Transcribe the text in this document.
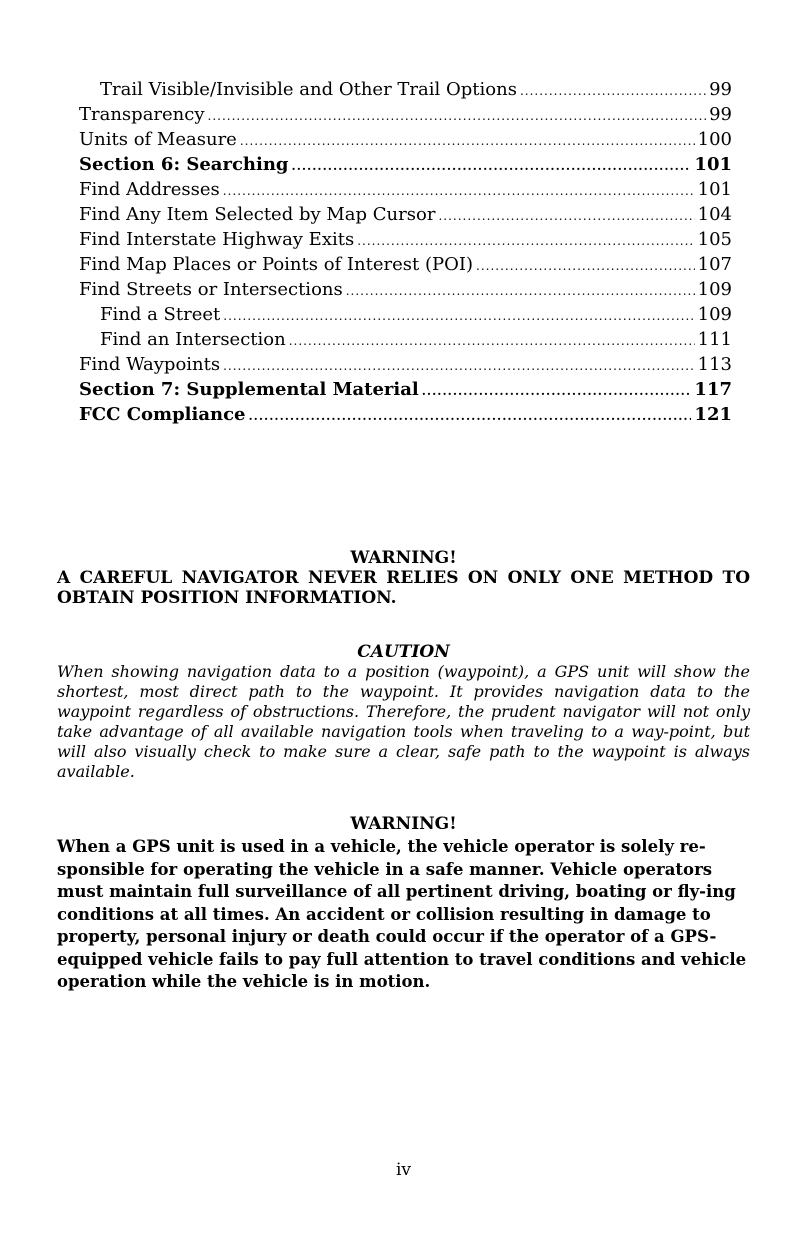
Trail Visible/Invisible and Other Trail Options .....	99
Transparency .....	99
Units of Measure .....	100
Section 6: Searching .....	101
Find Addresses .....	101
Find Any Item Selected by Map Cursor .....	104
Find Interstate Highway Exits .....	105
Find Map Places or Points of Interest (POI) .....	107
Find Streets or Intersections .....	109
Find a Street .....	109
Find an Intersection .....	111
Find Waypoints .....	113
Section 7: Supplemental Material .....	117
FCC Compliance .....	121
WARNING!
A CAREFUL NAVIGATOR NEVER RELIES ON ONLY ONE METHOD TO OBTAIN POSITION INFORMATION.
CAUTION
When showing navigation data to a position (waypoint), a GPS unit will show the shortest, most direct path to the waypoint. It provides navigation data to the waypoint regardless of obstructions. Therefore, the prudent navigator will not only take advantage of all available navigation tools when traveling to a way-point, but will also visually check to make sure a clear, safe path to the waypoint is always available.
WARNING!
When a GPS unit is used in a vehicle, the vehicle operator is solely re-sponsible for operating the vehicle in a safe manner. Vehicle operators must maintain full surveillance of all pertinent driving, boating or fly-ing conditions at all times. An accident or collision resulting in damage to property, personal injury or death could occur if the operator of a GPS-equipped vehicle fails to pay full attention to travel conditions and vehicle operation while the vehicle is in motion.
iv
